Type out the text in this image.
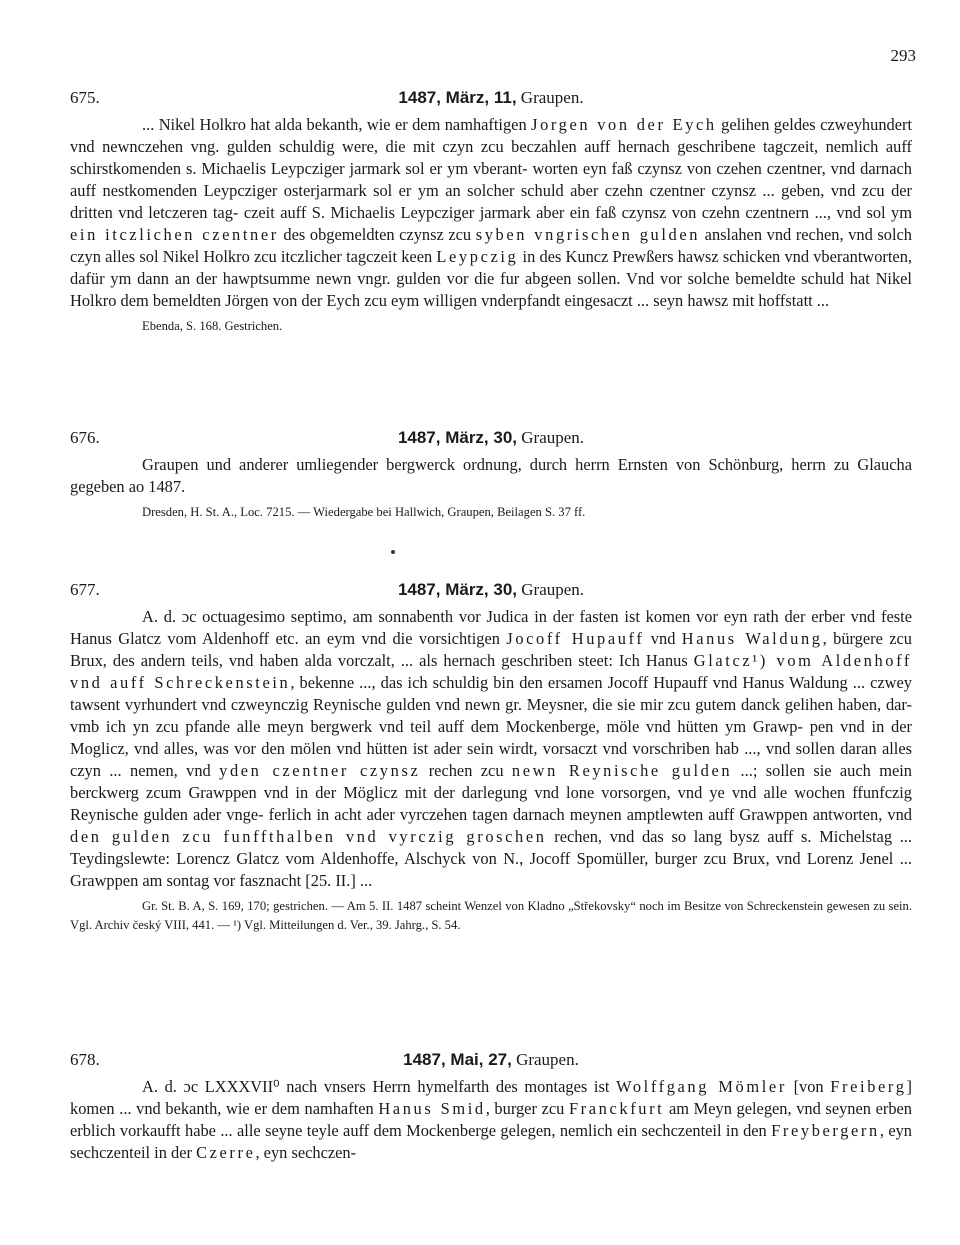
293
675.	1487, März, 11, Graupen.

... Nikel Holkro hat alda bekanth, wie er dem namhaftigen Jorgen von der Eych gelihen geldes czweyhundert vnd newnczehen vng. gulden schuldig were, die mit czyn zcu beczahlen auff hernach geschribene tagczeit, nemlich auff schirstkomenden s. Michaelis Leypcziger jarmark sol er ym vberant- worten eyn faß czynsz von czehen czentner, vnd darnach auff nestkomenden Leypcziger osterjarmark sol er ym an solcher schuld aber czehn czentner czynsz ... geben, vnd zcu der dritten vnd letczeren tag- czeit auff S. Michaelis Leypcziger jarmark aber ein faß czynsz von czehn czentnern ..., vnd sol ym ein itczlichen czentner des obgemeldten czynsz zcu syben vngrischen gulden anslahen vnd rechen, vnd solch czyn alles sol Nikel Holkro zcu itczlicher tagczeit keen Leypczig in des Kuncz Prewßers hawsz schicken vnd vberantworten, dafür ym dann an der hawptsumme newn vngr. gulden vor die fur abgeen sollen. Vnd vor solche bemeldte schuld hat Nikel Holkro dem bemeldten Jörgen von der Eych zcu eym willigen vnderpfandt eingesaczt ... seyn hawsz mit hoffstatt ...

Ebenda, S. 168. Gestrichen.

676.	1487, März, 30, Graupen.

Graupen und anderer umliegender bergwerck ordnung, durch herrn Ernsten von Schönburg, herrn zu Glaucha gegeben ao 1487.

Dresden, H. St. A., Loc. 7215. — Wiedergabe bei Hallwich, Graupen, Beilagen S. 37 ff.

677.	1487, März, 30, Graupen.

A. d. ɔc octuagesimo septimo, am sonnabenth vor Judica in der fasten ist komen vor eyn rath der erber vnd feste Hanus Glatcz vom Aldenhoff etc. an eym vnd die vorsichtigen Jocoff Hupauff vnd Hanus Waldung, bürgere zcu Brux, des andern teils, vnd haben alda vorczalt, ... als hernach geschriben steet: Ich Hanus Glatcz¹) vom Aldenhoff vnd auff Schreckenstein, bekenne ..., das ich schuldig bin den ersamen Jocoff Hupauff vnd Hanus Waldung ... czwey tawsent vyrhundert vnd czweynczig Reynische gulden vnd newn gr. Meysner, die sie mir zcu gutem danck gelihen haben, dar- vmb ich yn zcu pfande alle meyn bergwerk vnd teil auff dem Mockenberge, möle vnd hütten ym Grawp- pen vnd in der Moglicz, vnd alles, was vor den mölen vnd hütten ist ader sein wirdt, vorsaczt vnd vorschriben hab ..., vnd sollen daran alles czyn ... nemen, vnd yden czentner czynsz rechen zcu newn Reynische gulden ...; sollen sie auch mein berckwerg zcum Grawppen vnd in der Möglicz mit der darlegung vnd lone vorsorgen, vnd ye vnd alle wochen ffunfczig Reynische gulden ader vnge- ferlich in acht ader vyrczehen tagen darnach meynen amptlewten auff Grawppen antworten, vnd den gulden zcu funffthalben vnd vyrczig groschen rechen, vnd das so lang bysz auff s. Michelstag ... Teydingslewte: Lorencz Glatcz vom Aldenhoffe, Alschyck von N., Jocoff Spomüller, burger zcu Brux, vnd Lorenz Jenel ... Grawppen am sontag vor fasznacht [25. II.] ...

Gr. St. B. A, S. 169, 170; gestrichen. — Am 5. II. 1487 scheint Wenzel von Kladno „Střekovsky“ noch im Besitze von Schreckenstein gewesen zu sein. Vgl. Archiv český VIII, 441. — ¹) Vgl. Mitteilungen d. Ver., 39. Jahrg., S. 54.

678.	1487, Mai, 27, Graupen.

A. d. ɔc LXXXVII⁰ nach vnsers Herrn hymelfarth des montages ist Wolffgang Mömler [von Freiberg] komen ... vnd bekanth, wie er dem namhaften Hanus Smid, burger zcu Franckfurt am Meyn gelegen, vnd seynen erben erblich vorkaufft habe ... alle seyne teyle auff dem Mockenberge gelegen, nemlich ein sechczenteil in den Freybergern, eyn sechczenteil in der Czerre, eyn sechczen-
